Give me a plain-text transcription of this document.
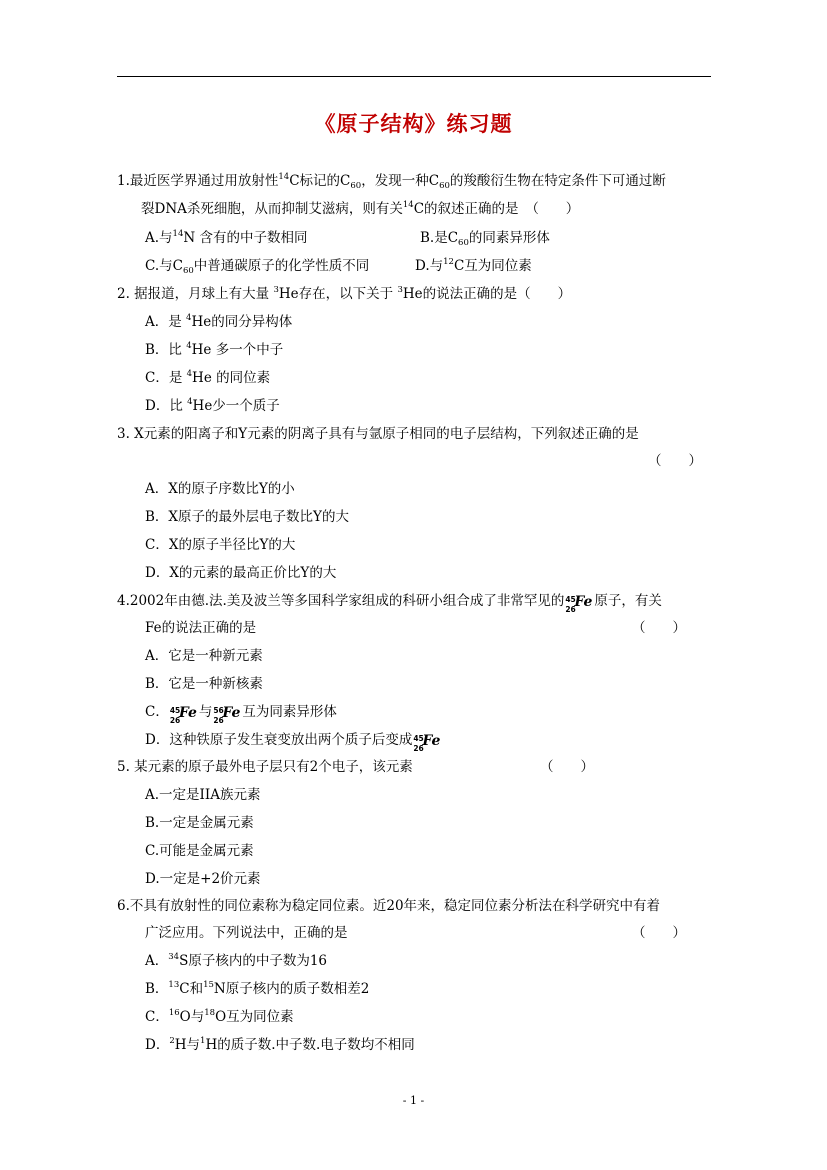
《原子结构》练习题
1.最近医学界通过用放射性$^{14}$C标记的$C_{60}$，发现一种$C_{60}$的羧酸衍生物在特定条件下可通过断
裂DNA杀死细胞，从而抑制艾滋病，则有关$^{14}$C的叙述正确的是　 （　　）
A.与$^{14}$N 含有的中子数相同	B.是$C_{60}$的同素异形体
C.与$C_{60}$中普通碳原子的化学性质不同	D.与$^{12}$C互为同位素
2. 据报道，月球上有大量 $^3$He存在，以下关于 $^3$He的说法正确的是（　　）
A．是 $^4$He的同分异构体
B．比 $^4$He 多一个中子
C．是 $^4$He 的同位素
D．比 $^4$He少一个质子
3. X元素的阳离子和Y元素的阴离子具有与氩原子相同的电子层结构，下列叙述正确的是
（　　）
A．X的原子序数比Y的小
B．X原子的最外层电子数比Y的大
C．X的原子半径比Y的大
D．X的元素的最高正价比Y的大
4.2002年由德.法.美及波兰等多国科学家组成的科研小组合成了非常罕见的 45
26
Fe 原子，有关
Fe的说法正确的是	（　　）
A．它是一种新元素
B．它是一种新核素
C． 45
26
Fe 与 56
26
Fe 互为同素异形体
D．这种铁原子发生衰变放出两个质子后变成 45
26
Fe
5. 某元素的原子最外电子层只有2个电子，该元素	（　　）
A.一定是IIA族元素
B.一定是金属元素
C.可能是金属元素
D.一定是+2价元素
6.不具有放射性的同位素称为稳定同位素。近20年来，稳定同位素分析法在科学研究中有着
广泛应用。下列说法中，正确的是	（　　）
A．$^{34}$S原子核内的中子数为16
B．$^{13}$C和$^{15}$N原子核内的质子数相差2
C．$^{16}$O与$^{18}$O互为同位素
D．$^2$H与$^1$H的质子数.中子数.电子数均不相同
- 1 -
